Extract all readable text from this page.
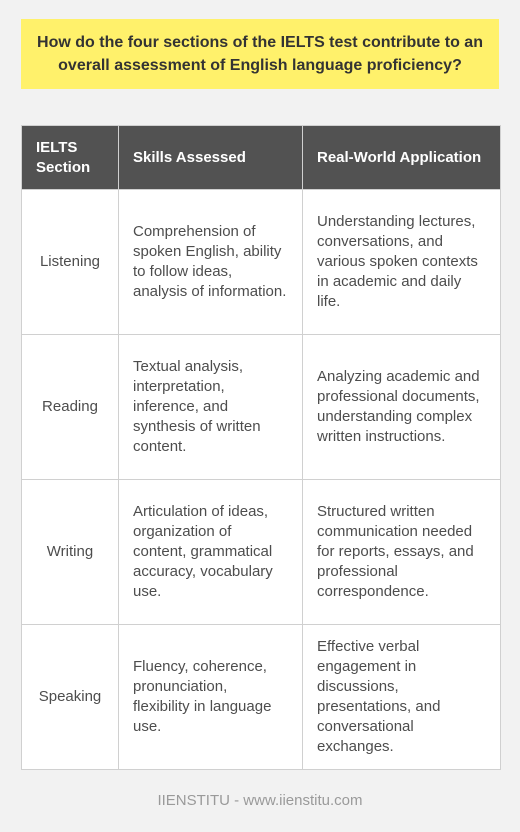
How do the four sections of the IELTS test contribute to an overall assessment of English language proficiency?
IELTS Section	Skills Assessed	Real-World Application
Listening	Comprehension of spoken English, ability to follow ideas, analysis of information.	Understanding lectures, conversations, and various spoken contexts in academic and daily life.
Reading	Textual analysis, interpretation, inference, and synthesis of written content.	Analyzing academic and professional documents, understanding complex written instructions.
Writing	Articulation of ideas, organization of content, grammatical accuracy, vocabulary use.	Structured written communication needed for reports, essays, and professional correspondence.
Speaking	Fluency, coherence, pronunciation, flexibility in language use.	Effective verbal engagement in discussions, presentations, and conversational exchanges.
IIENSTITU - www.iienstitu.com
